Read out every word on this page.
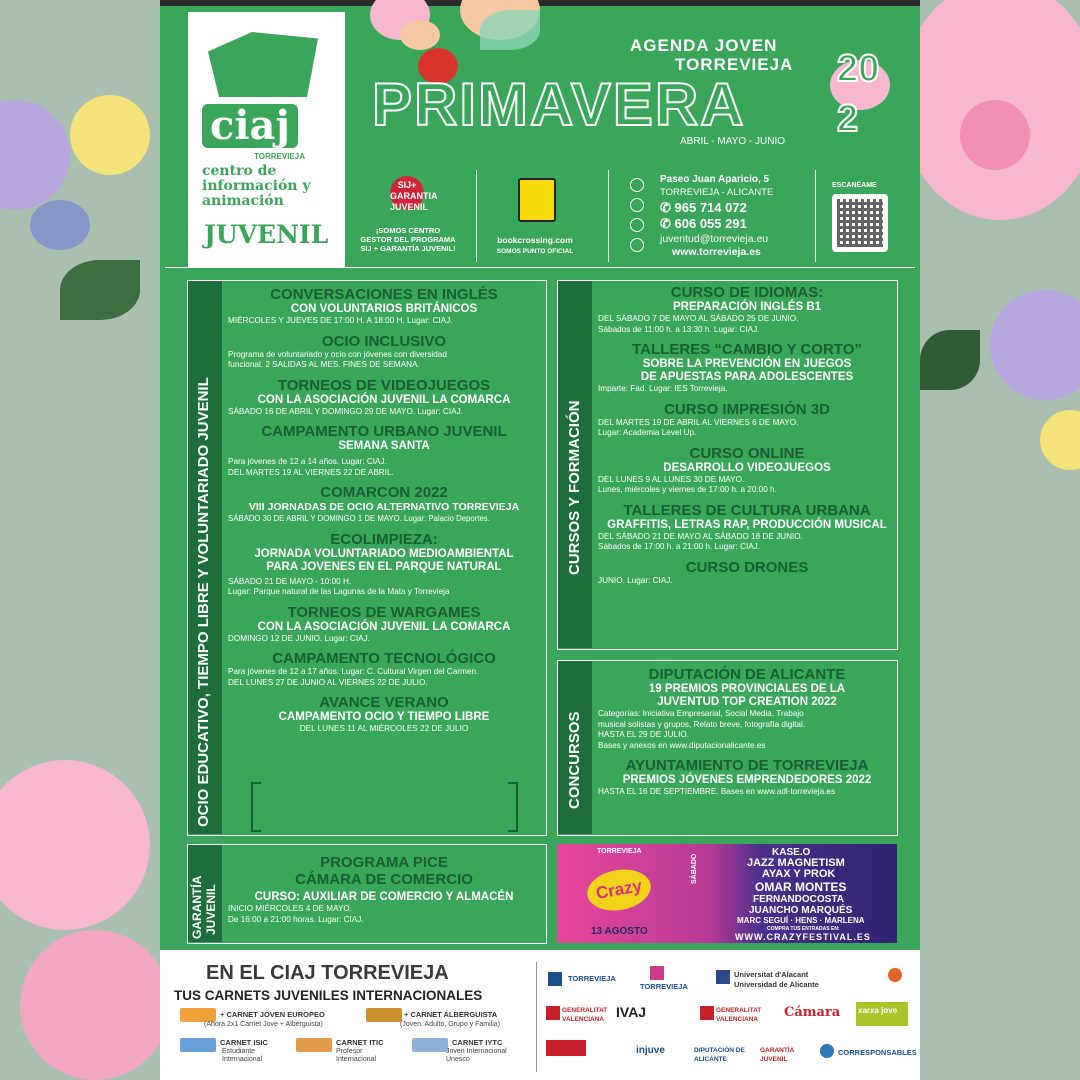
ciaj
TORREVIEJA
centro de información y animación
JUVENIL
AGENDA JOVEN
TORREVIEJA
PRIMAVERA
20
2
ABRIL - MAYO - JUNIO
SIJ+ GARANTIA JUVENIL
¡SOMOS CENTRO GESTOR DEL PROGRAMA SIJ + GARANTÍA JUVENIL!
bookcrossing.com
SOMOS PUNTO OFICIAL
Paseo Juan Aparicio, 5
TORREVIEJA - ALICANTE
✆ 965 714 072
✆ 606 055 291
juventud@torrevieja.eu
www.torrevieja.es
ESCANÉAME
OCIO EDUCATIVO, TIEMPO LIBRE Y VOLUNTARIADO JUVENIL
CONVERSACIONES EN INGLÉS
CON VOLUNTARIOS BRITÁNICOS
MIÉRCOLES Y JUEVES DE 17:00 H. A 18:00 H. Lugar: CIAJ.
OCIO INCLUSIVO
Programa de voluntariado y ocio con jóvenes con diversidad
funcional. 2 SALIDAS AL MES. FINES DE SEMANA.
TORNEOS DE VIDEOJUEGOS
CON LA ASOCIACIÓN JUVENIL LA COMARCA
SÁBADO 16 DE ABRIL Y DOMINGO 29 DE MAYO. Lugar: CIAJ.
CAMPAMENTO URBANO JUVENIL
SEMANA SANTA
Para jóvenes de 12 a 14 años. Lugar: CIAJ.
DEL MARTES 19 AL VIERNES 22 DE ABRIL.
COMARCON 2022
VIII JORNADAS DE OCIO ALTERNATIVO TORREVIEJA
SÁBADO 30 DE ABRIL Y DOMINGO 1 DE MAYO. Lugar: Palacio Deportes.
ECOLIMPIEZA:
JORNADA VOLUNTARIADO MEDIOAMBIENTAL
PARA JOVENES EN EL PARQUE NATURAL
SÁBADO 21 DE MAYO - 10:00 H.
Lugar: Parque natural de las Lagunas de la Mata y Torrevieja
TORNEOS DE WARGAMES
CON LA ASOCIACIÓN JUVENIL LA COMARCA
DOMINGO 12 DE JUNIO. Lugar: CIAJ.
CAMPAMENTO TECNOLÓGICO
Para jóvenes de 12 a 17 años. Lugar: C. Cultural Virgen del Carmen.
DEL LUNES 27 DE JUNIO AL VIERNES 22 DE JULIO.
AVANCE VERANO
CAMPAMENTO OCIO Y TIEMPO LIBRE
DEL LUNES 11 AL MIÉRCOLES 22 DE JULIO
CURSOS Y FORMACIÓN
CURSO DE IDIOMAS:
PREPARACIÓN INGLÉS B1
DEL SÁBADO 7 DE MAYO AL SÁBADO 25 DE JUNIO.
Sábados de 11:00 h. a 13:30 h. Lugar: CIAJ.
TALLERES “CAMBIO Y CORTO”
SOBRE LA PREVENCIÓN EN JUEGOS
DE APUESTAS PARA ADOLESCENTES
Imparte: Fad. Lugar: IES Torrevieja.
CURSO IMPRESIÓN 3D
DEL MARTES 19 DE ABRIL AL VIERNES 6 DE MAYO.
Lugar: Academia Level Up.
CURSO ONLINE
DESARROLLO VIDEOJUEGOS
DEL LUNES 9 AL LUNES 30 DE MAYO.
Lunes, miércoles y viernes de 17:00 h. a 20:00 h.
TALLERES DE CULTURA URBANA
GRAFFITIS, LETRAS RAP, PRODUCCIÓN MUSICAL
DEL SÁBADO 21 DE MAYO AL SÁBADO 18 DE JUNIO.
Sábados de 17:00 h. a 21:00 h. Lugar: CIAJ.
CURSO DRONES
JUNIO. Lugar: CIAJ.
CONCURSOS
DIPUTACIÓN DE ALICANTE
19 PREMIOS PROVINCIALES DE LA
JUVENTUD TOP CREATION 2022
Categorías: Iniciativa Empresarial, Social Media, Trabajo
musical solistas y grupos, Relato breve, fotografía digital.
HASTA EL 29 DE JULIO.
Bases y anexos en www.diputacionalicante.es
AYUNTAMIENTO DE TORREVIEJA
PREMIOS JÓVENES EMPRENDEDORES 2022
HASTA EL 16 DE SEPTIEMBRE. Bases en www.adl-torrevieja.es
GARANTÍA JUVENIL
PROGRAMA PICE
CÁMARA DE COMERCIO
CURSO: AUXILIAR DE COMERCIO Y ALMACÉN
INICIO MIÉRCOLES 4 DE MAYO.
De 16:00 a 21:00 horas. Lugar: CIAJ.
TORREVIEJA
Crazy
13 AGOSTO
SÁBADO
KASE.O
JAZZ MAGNETISM
AYAX Y PROK
OMAR MONTES
FERNANDOCOSTA
JUANCHO MARQUÉS
MARC SEGUÍ · HENS · MARLENA
COMPRA TUS ENTRADAS EN:
WWW.CRAZYFESTIVAL.ES
EN EL CIAJ TORREVIEJA
TUS CARNETS JUVENILES INTERNACIONALES
+ CARNET JOVEN EUROPEO
(Ahora 2x1 Carnet Jove + Alberguista)
+ CARNET ALBERGUISTA
(Joven, Adulto, Grupo y Familia)
CARNET ISIC
Estudiante
Internacional
CARNET ITIC
Profesor
Internacional
CARNET IYTC
Joven Internacional
Unesco
TORREVIEJA
TORREVIEJA
Universitat d'Alacant
Universidad de Alicante
GENERALITAT VALENCIANA IVAJ	GENERALITAT VALENCIANA	Cámara xarxa jove
injuve	DIPUTACIÓN DE ALICANTE
GARANTÍA JUVENIL
CORRESPONSABLES
